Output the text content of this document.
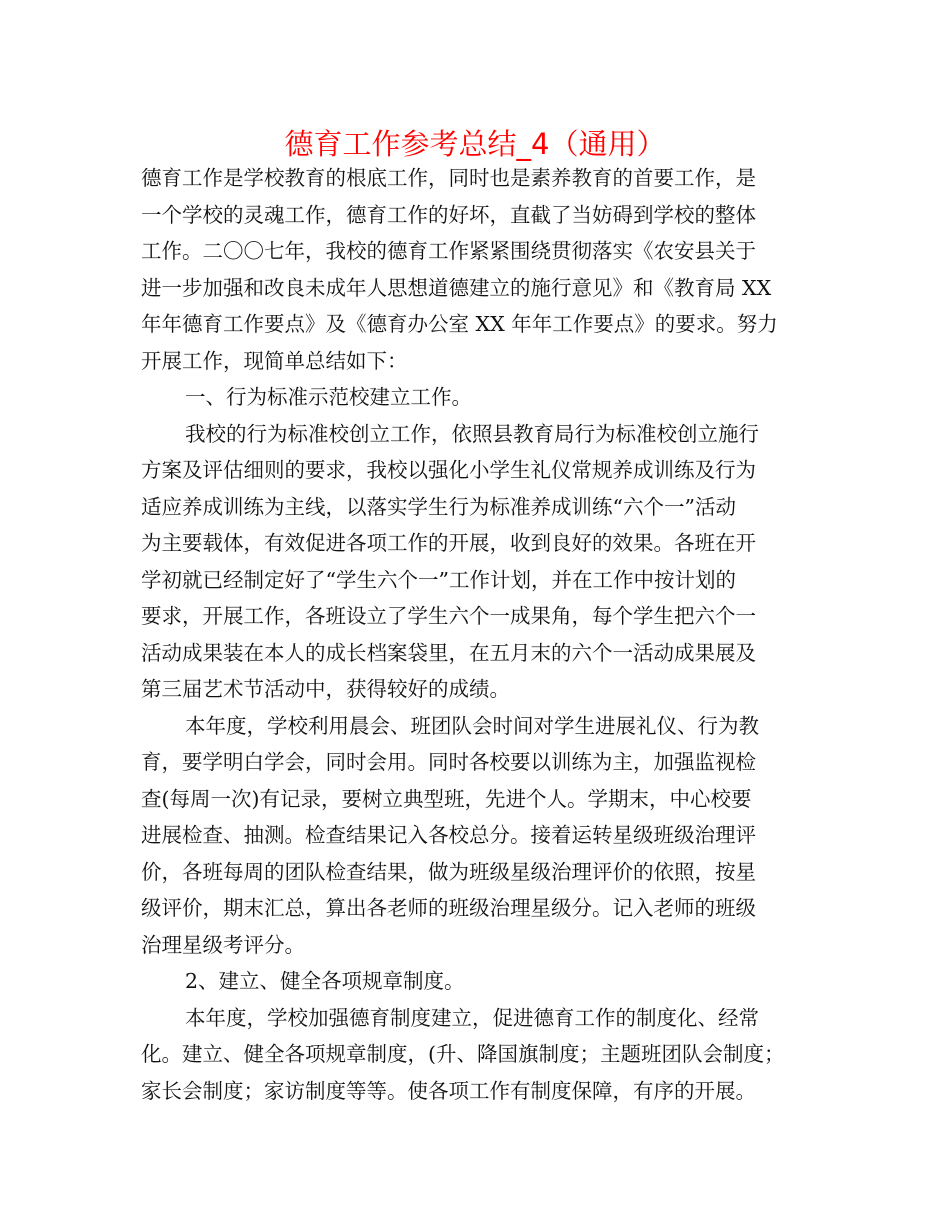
德育工作参考总结_4（通用）
德育工作是学校教育的根底工作，同时也是素养教育的首要工作，是
一个学校的灵魂工作，德育工作的好坏，直截了当妨碍到学校的整体
工作。二〇〇七年，我校的德育工作紧紧围绕贯彻落实《农安县关于
进一步加强和改良未成年人思想道德建立的施行意见》和《教育局 XX
年年德育工作要点》及《德育办公室 XX 年年工作要点》的要求。努力
开展工作，现简单总结如下：
一、行为标准示范校建立工作。
我校的行为标准校创立工作，依照县教育局行为标准校创立施行
方案及评估细则的要求，我校以强化小学生礼仪常规养成训练及行为
适应养成训练为主线，以落实学生行为标准养成训练“六个一”活动
为主要载体，有效促进各项工作的开展，收到良好的效果。各班在开
学初就已经制定好了“学生六个一”工作计划，并在工作中按计划的
要求，开展工作，各班设立了学生六个一成果角，每个学生把六个一
活动成果装在本人的成长档案袋里，在五月末的六个一活动成果展及
第三届艺术节活动中，获得较好的成绩。
本年度，学校利用晨会、班团队会时间对学生进展礼仪、行为教
育，要学明白学会，同时会用。同时各校要以训练为主，加强监视检
查(每周一次)有记录，要树立典型班，先进个人。学期末，中心校要
进展检查、抽测。检查结果记入各校总分。接着运转星级班级治理评
价，各班每周的团队检查结果，做为班级星级治理评价的依照，按星
级评价，期末汇总，算出各老师的班级治理星级分。记入老师的班级
治理星级考评分。
2、建立、健全各项规章制度。
本年度，学校加强德育制度建立，促进德育工作的制度化、经常
化。建立、健全各项规章制度，(升、降国旗制度；主题班团队会制度；
家长会制度；家访制度等等。使各项工作有制度保障，有序的开展。
